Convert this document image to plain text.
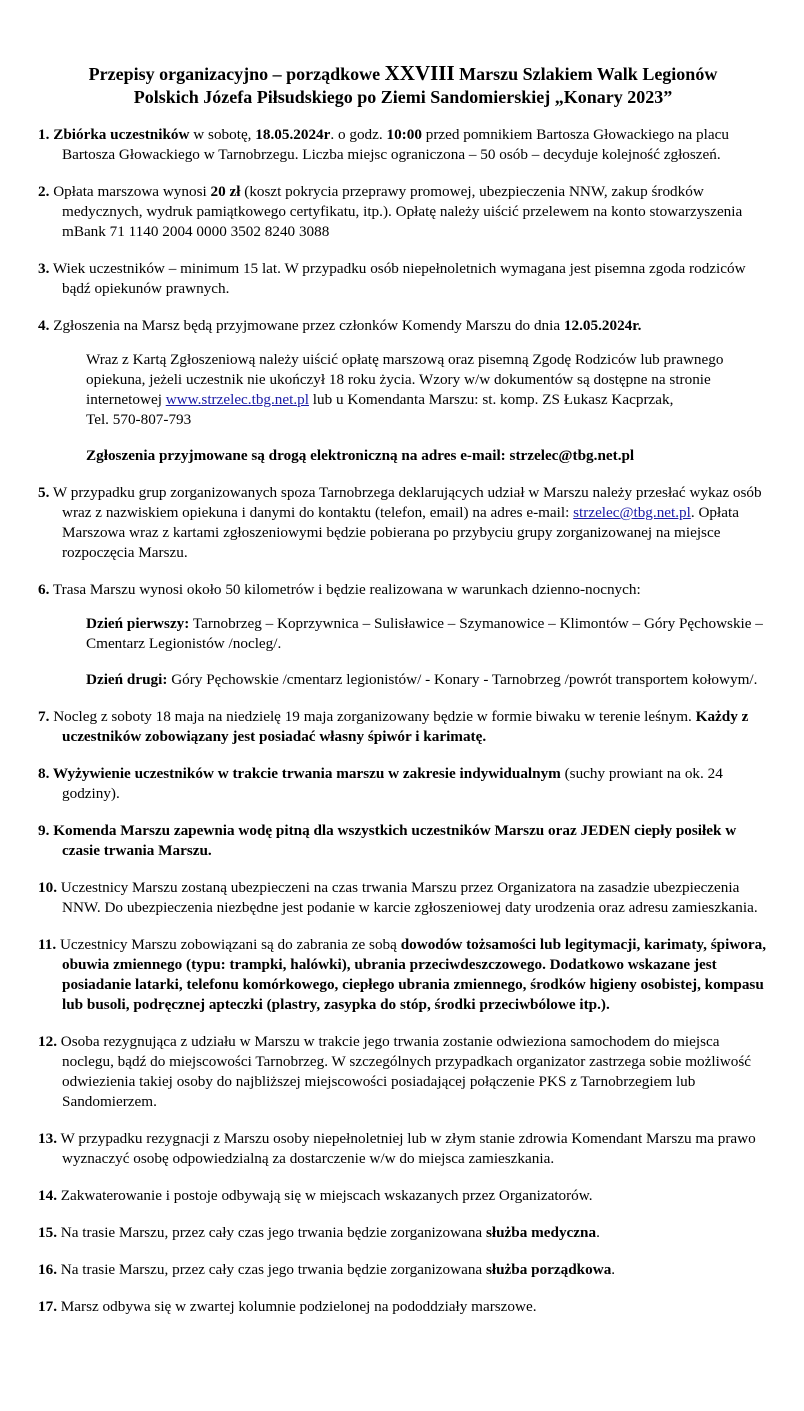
Przepisy organizacyjno – porządkowe XXVIII Marszu Szlakiem Walk Legionów
Polskich Józefa Piłsudskiego po Ziemi Sandomierskiej „Konary 2023”
1. Zbiórka uczestników w sobotę, 18.05.2024r. o godz. 10:00 przed pomnikiem Bartosza Głowackiego na placu Bartosza Głowackiego w Tarnobrzegu. Liczba miejsc ograniczona – 50 osób – decyduje kolejność zgłoszeń.
2. Opłata marszowa wynosi 20 zł (koszt pokrycia przeprawy promowej, ubezpieczenia NNW, zakup środków medycznych, wydruk pamiątkowego certyfikatu, itp.). Opłatę należy uiścić przelewem na konto stowarzyszenia mBank 71 1140 2004 0000 3502 8240 3088
3. Wiek uczestników – minimum 15 lat. W przypadku osób niepełnoletnich wymagana jest pisemna zgoda rodziców bądź opiekunów prawnych.
4. Zgłoszenia na Marsz będą przyjmowane przez członków Komendy Marszu do dnia 12.05.2024r.
Wraz z Kartą Zgłoszeniową należy uiścić opłatę marszową oraz pisemną Zgodę Rodziców lub prawnego opiekuna, jeżeli uczestnik nie ukończył 18 roku życia. Wzory w/w dokumentów są dostępne na stronie internetowej www.strzelec.tbg.net.pl lub u Komendanta Marszu: st. komp. ZS Łukasz Kacprzak,
Tel. 570-807-793
Zgłoszenia przyjmowane są drogą elektroniczną na adres e-mail: strzelec@tbg.net.pl
5. W przypadku grup zorganizowanych spoza Tarnobrzega deklarujących udział w Marszu należy przesłać wykaz osób wraz z nazwiskiem opiekuna i danymi do kontaktu (telefon, email) na adres e-mail: strzelec@tbg.net.pl. Opłata Marszowa wraz z kartami zgłoszeniowymi będzie pobierana po przybyciu grupy zorganizowanej na miejsce rozpoczęcia Marszu.
6. Trasa Marszu wynosi około 50 kilometrów i będzie realizowana w warunkach dzienno-nocnych:
Dzień pierwszy: Tarnobrzeg – Koprzywnica – Sulisławice – Szymanowice – Klimontów – Góry Pęchowskie – Cmentarz Legionistów /nocleg/.
Dzień drugi: Góry Pęchowskie /cmentarz legionistów/ - Konary - Tarnobrzeg /powrót transportem kołowym/.
7. Nocleg z soboty 18 maja na niedzielę 19 maja zorganizowany będzie w formie biwaku w terenie leśnym. Każdy z uczestników zobowiązany jest posiadać własny śpiwór i karimatę.
8. Wyżywienie uczestników w trakcie trwania marszu w zakresie indywidualnym (suchy prowiant na ok. 24 godziny).
9. Komenda Marszu zapewnia wodę pitną dla wszystkich uczestników Marszu oraz JEDEN ciepły posiłek w czasie trwania Marszu.
10. Uczestnicy Marszu zostaną ubezpieczeni na czas trwania Marszu przez Organizatora na zasadzie ubezpieczenia NNW. Do ubezpieczenia niezbędne jest podanie w karcie zgłoszeniowej daty urodzenia oraz adresu zamieszkania.
11. Uczestnicy Marszu zobowiązani są do zabrania ze sobą dowodów tożsamości lub legitymacji, karimaty, śpiwora, obuwia zmiennego (typu: trampki, halówki), ubrania przeciwdeszczowego. Dodatkowo wskazane jest posiadanie latarki, telefonu komórkowego, ciepłego ubrania zmiennego, środków higieny osobistej, kompasu lub busoli, podręcznej apteczki (plastry, zasypka do stóp, środki przeciwbólowe itp.).
12. Osoba rezygnująca z udziału w Marszu w trakcie jego trwania zostanie odwieziona samochodem do miejsca noclegu, bądź do miejscowości Tarnobrzeg. W szczególnych przypadkach organizator zastrzega sobie możliwość odwiezienia takiej osoby do najbliższej miejscowości posiadającej połączenie PKS z Tarnobrzegiem lub Sandomierzem.
13. W przypadku rezygnacji z Marszu osoby niepełnoletniej lub w złym stanie zdrowia Komendant Marszu ma prawo wyznaczyć osobę odpowiedzialną za dostarczenie w/w do miejsca zamieszkania.
14. Zakwaterowanie i postoje odbywają się w miejscach wskazanych przez Organizatorów.
15. Na trasie Marszu, przez cały czas jego trwania będzie zorganizowana służba medyczna.
16. Na trasie Marszu, przez cały czas jego trwania będzie zorganizowana służba porządkowa.
17. Marsz odbywa się w zwartej kolumnie podzielonej na pododdziały marszowe.
